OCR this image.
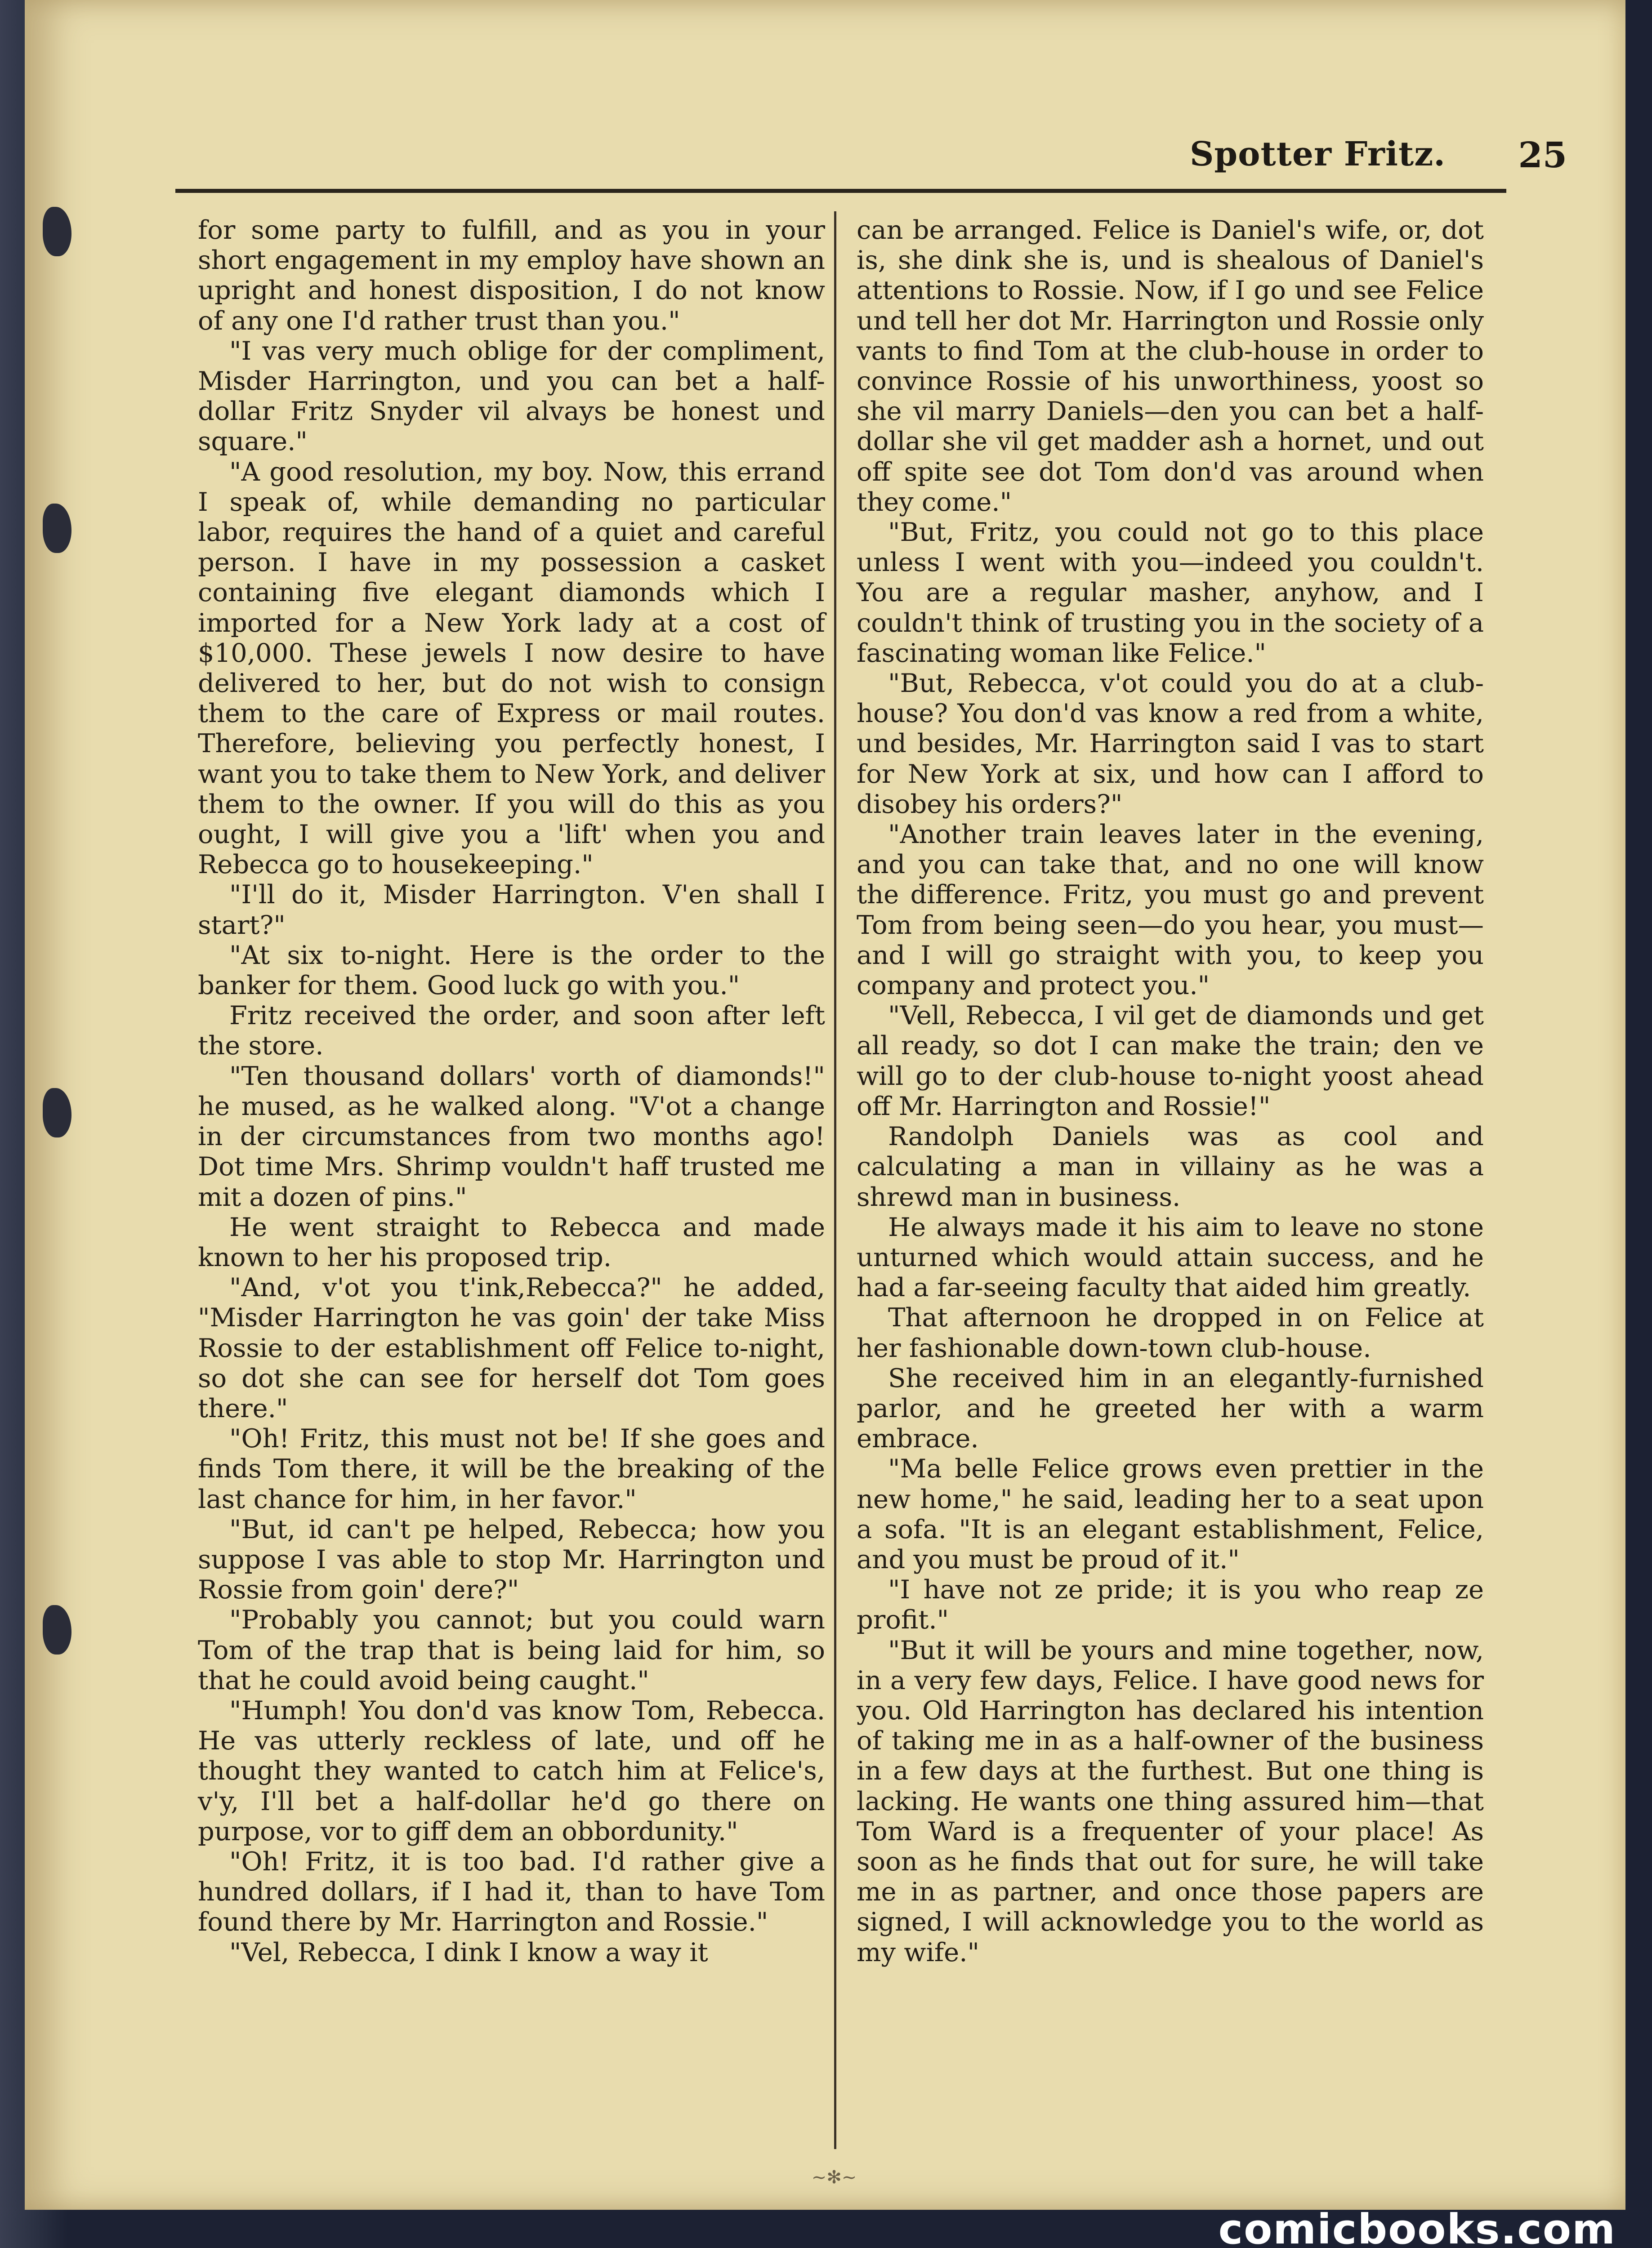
Spotter Fritz. 25

for some party to fulfill, and as you in your short engagement in my employ have shown an upright and honest disposition, I do not know of any one I'd rather trust than you."

"I vas very much oblige for der compliment, Misder Harrington, und you can bet a half-dollar Fritz Snyder vil alvays be honest und square."

"A good resolution, my boy. Now, this errand I speak of, while demanding no particular labor, requires the hand of a quiet and careful person. I have in my possession a casket containing five elegant diamonds which I imported for a New York lady at a cost of $10,000. These jewels I now desire to have delivered to her, but do not wish to consign them to the care of Express or mail routes. Therefore, believing you perfectly honest, I want you to take them to New York, and deliver them to the owner. If you will do this as you ought, I will give you a 'lift' when you and Rebecca go to housekeeping."

"I'll do it, Misder Harrington. V'en shall I start?"

"At six to-night. Here is the order to the banker for them. Good luck go with you."

Fritz received the order, and soon after left the store.

"Ten thousand dollars' vorth of diamonds!" he mused, as he walked along. "V'ot a change in der circumstances from two months ago! Dot time Mrs. Shrimp vouldn't haff trusted me mit a dozen of pins."

He went straight to Rebecca and made known to her his proposed trip.

"And, v'ot you t'ink,Rebecca?" he added, "Misder Harrington he vas goin' der take Miss Rossie to der establishment off Felice to-night, so dot she can see for herself dot Tom goes there."

"Oh! Fritz, this must not be! If she goes and finds Tom there, it will be the breaking of the last chance for him, in her favor."

"But, id can't pe helped, Rebecca; how you suppose I vas able to stop Mr. Harrington und Rossie from goin' dere?"

"Probably you cannot; but you could warn Tom of the trap that is being laid for him, so that he could avoid being caught."

"Humph! You don'd vas know Tom, Rebecca. He vas utterly reckless of late, und off he thought they wanted to catch him at Felice's, v'y, I'll bet a half-dollar he'd go there on purpose, vor to giff dem an obbordunity."

"Oh! Fritz, it is too bad. I'd rather give a hundred dollars, if I had it, than to have Tom found there by Mr. Harrington and Rossie."

"Vel, Rebecca, I dink I know a way it

can be arranged. Felice is Daniel's wife, or, dot is, she dink she is, und is shealous of Daniel's attentions to Rossie. Now, if I go und see Felice und tell her dot Mr. Harrington und Rossie only vants to find Tom at the club-house in order to convince Rossie of his unworthiness, yoost so she vil marry Daniels—den you can bet a half-dollar she vil get madder ash a hornet, und out off spite see dot Tom don'd vas around when they come."

"But, Fritz, you could not go to this place unless I went with you—indeed you couldn't. You are a regular masher, anyhow, and I couldn't think of trusting you in the society of a fascinating woman like Felice."

"But, Rebecca, v'ot could you do at a club-house? You don'd vas know a red from a white, und besides, Mr. Harrington said I vas to start for New York at six, und how can I afford to disobey his orders?"

"Another train leaves later in the evening, and you can take that, and no one will know the difference. Fritz, you must go and prevent Tom from being seen—do you hear, you must—and I will go straight with you, to keep you company and protect you."

"Vell, Rebecca, I vil get de diamonds und get all ready, so dot I can make the train; den ve will go to der club-house to-night yoost ahead off Mr. Harrington and Rossie!"

Randolph Daniels was as cool and calculating a man in villainy as he was a shrewd man in business.

He always made it his aim to leave no stone unturned which would attain success, and he had a far-seeing faculty that aided him greatly.

That afternoon he dropped in on Felice at her fashionable down-town club-house.

She received him in an elegantly-furnished parlor, and he greeted her with a warm embrace.

"Ma belle Felice grows even prettier in the new home," he said, leading her to a seat upon a sofa. "It is an elegant establishment, Felice, and you must be proud of it."

"I have not ze pride; it is you who reap ze profit."

"But it will be yours and mine together, now, in a very few days, Felice. I have good news for you. Old Harrington has declared his intention of taking me in as a half-owner of the business in a few days at the furthest. But one thing is lacking. He wants one thing assured him—that Tom Ward is a frequenter of your place! As soon as he finds that out for sure, he will take me in as partner, and once those papers are signed, I will acknowledge you to the world as my wife."

~✻~
comicbooks.com
